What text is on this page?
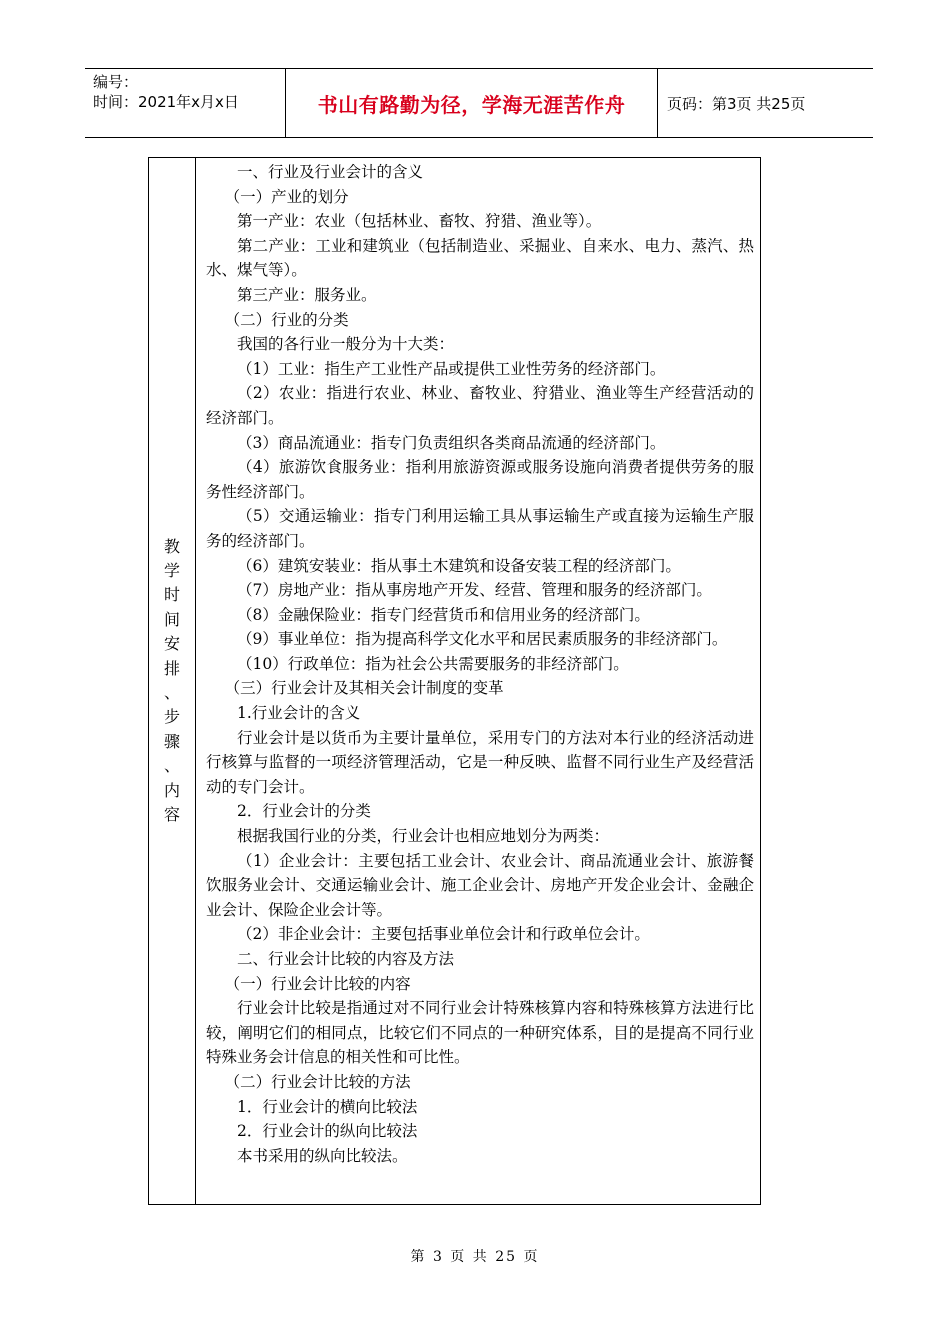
编号：
时间：2021年x月x日	书山有路勤为径，学海无涯苦作舟	页码：第3页 共25页
教
学
时
间
安
排
、
步
骤
、
内
容

一、行业及行业会计的含义

（一）产业的划分

第一产业：农业（包括林业、畜牧、狩猎、渔业等）。

第二产业：工业和建筑业（包括制造业、采掘业、自来水、电力、蒸汽、热水、煤气等）。

第三产业：服务业。

（二）行业的分类

我国的各行业一般分为十大类：

（1）工业：指生产工业性产品或提供工业性劳务的经济部门。

（2）农业：指进行农业、林业、畜牧业、狩猎业、渔业等生产经营活动的经济部门。

（3）商品流通业：指专门负责组织各类商品流通的经济部门。

（4）旅游饮食服务业：指利用旅游资源或服务设施向消费者提供劳务的服务性经济部门。

（5）交通运输业：指专门利用运输工具从事运输生产或直接为运输生产服务的经济部门。

（6）建筑安装业：指从事土木建筑和设备安装工程的经济部门。

（7）房地产业：指从事房地产开发、经营、管理和服务的经济部门。

（8）金融保险业：指专门经营货币和信用业务的经济部门。

（9）事业单位：指为提高科学文化水平和居民素质服务的非经济部门。

（10）行政单位：指为社会公共需要服务的非经济部门。

（三）行业会计及其相关会计制度的变革

1.行业会计的含义

行业会计是以货币为主要计量单位，采用专门的方法对本行业的经济活动进行核算与监督的一项经济管理活动，它是一种反映、监督不同行业生产及经营活动的专门会计。

2．行业会计的分类

根据我国行业的分类，行业会计也相应地划分为两类：

（1）企业会计：主要包括工业会计、农业会计、商品流通业会计、旅游餐饮服务业会计、交通运输业会计、施工企业会计、房地产开发企业会计、金融企业会计、保险企业会计等。

（2）非企业会计：主要包括事业单位会计和行政单位会计。

二、行业会计比较的内容及方法

（一）行业会计比较的内容

行业会计比较是指通过对不同行业会计特殊核算内容和特殊核算方法进行比较，阐明它们的相同点，比较它们不同点的一种研究体系，目的是提高不同行业特殊业务会计信息的相关性和可比性。

（二）行业会计比较的方法

1．行业会计的横向比较法

2．行业会计的纵向比较法

本书采用的纵向比较法。

第 3 页 共 25 页
